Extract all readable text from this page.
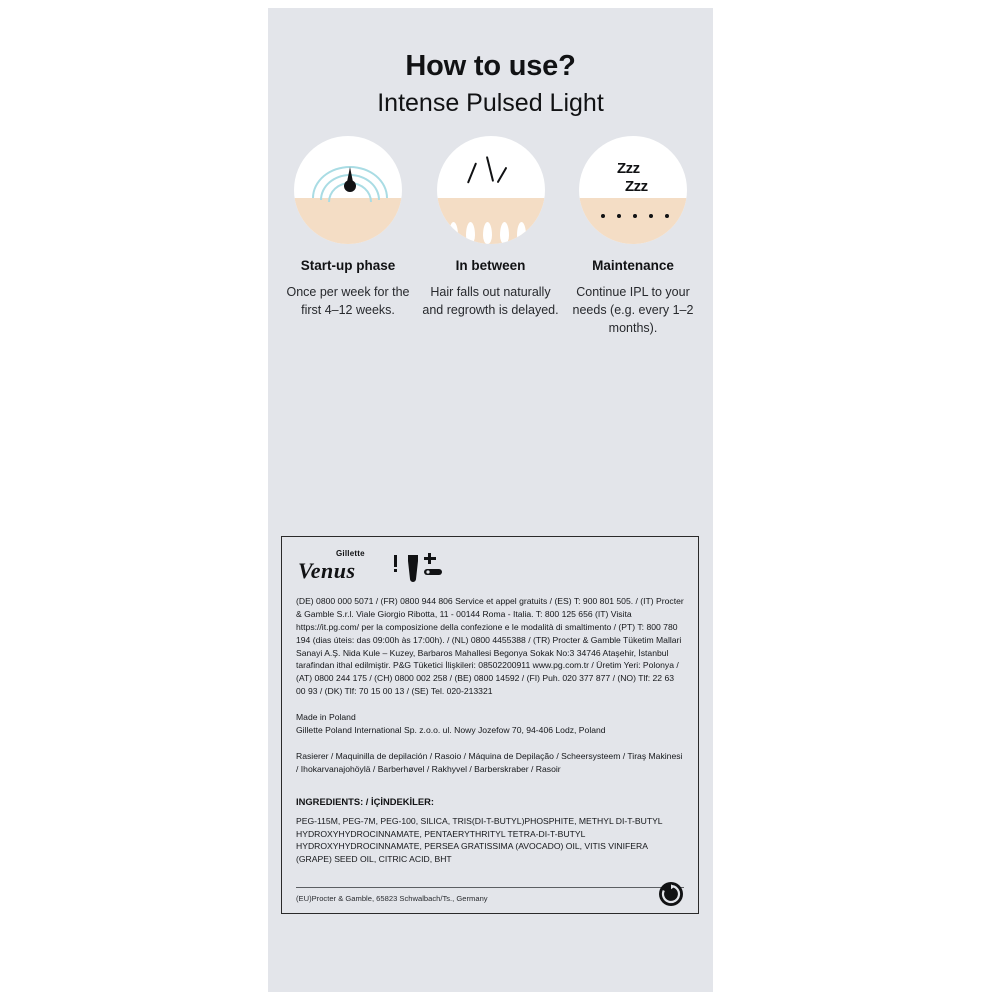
How to use?
Intense Pulsed Light
Start-up phase
Once per week for the first 4–12 weeks.
In between
Hair falls out naturally and regrowth is delayed.
Zzz
Zzz
Maintenance
Continue IPL to your needs (e.g. every 1–2 months).
Gillette
Venus
(DE) 0800 000 5071 / (FR) 0800 944 806 Service et appel gratuits / (ES) T: 900 801 505. / (IT) Procter & Gamble S.r.l. Viale Giorgio Ribotta, 11 - 00144 Roma - Italia. T: 800 125 656 (IT) Visita https://it.pg.com/ per la composizione della confezione e le modalità di smaltimento / (PT) T: 800 780 194 (dias úteis: das 09:00h às 17:00h). / (NL) 0800 4455388 / (TR) Procter & Gamble Tüketim Mallari Sanayi A.Ş. Nida Kule – Kuzey, Barbaros Mahallesi Begonya Sokak No:3 34746 Ataşehir, İstanbul tarafindan ithal edilmiştir. P&G Tüketici İlişkileri: 08502200911 www.pg.com.tr / Üretim Yeri: Polonya / (AT) 0800 244 175 / (CH) 0800 002 258 / (BE) 0800 14592 / (FI) Puh. 020 377 877 / (NO) Tlf: 22 63 00 93 / (DK) Tlf: 70 15 00 13 / (SE) Tel. 020-213321
Made in Poland
Gillette Poland International Sp. z.o.o. ul. Nowy Jozefow 70, 94-406 Lodz, Poland
Rasierer / Maquinilla de depilación / Rasoio / Máquina de Depilação / Scheersysteem / Tiraş Makinesi / Ihokarvanajohöylä / Barberhøvel / Rakhyvel / Barberskraber / Rasoir
INGREDIENTS: / İÇİNDEKİLER:
PEG-115M, PEG-7M, PEG-100, SILICA, TRIS(DI-T-BUTYL)PHOSPHITE, METHYL DI-T-BUTYL HYDROXYHYDROCINNAMATE, PENTAERYTHRITYL TETRA-DI-T-BUTYL HYDROXYHYDROCINNAMATE, PERSEA GRATISSIMA (AVOCADO) OIL, VITIS VINIFERA (GRAPE) SEED OIL, CITRIC ACID, BHT
(EU)Procter & Gamble, 65823 Schwalbach/Ts., Germany
